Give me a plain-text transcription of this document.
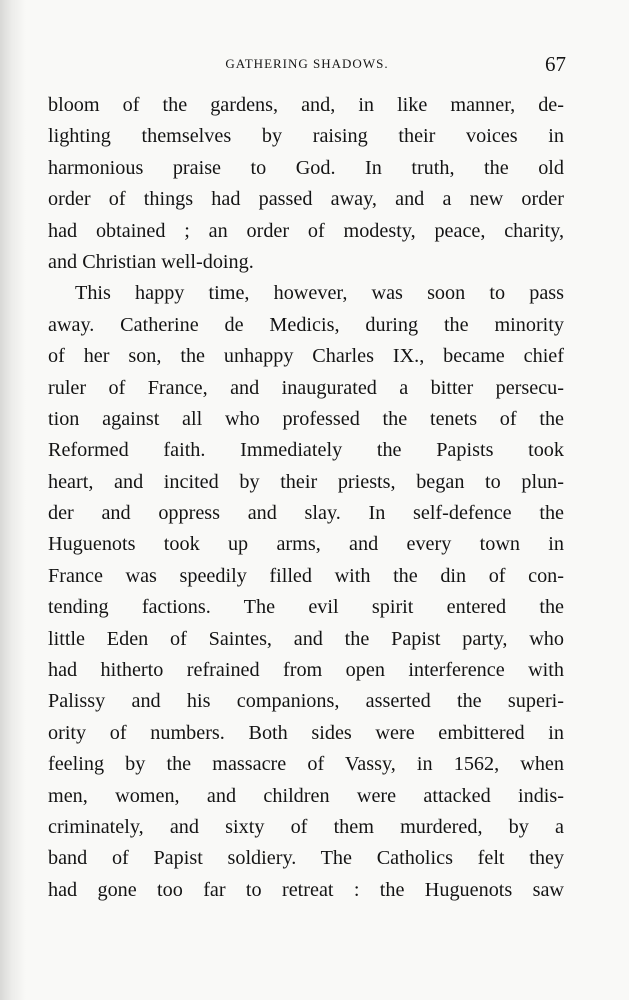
GATHERING SHADOWS.	67
bloom of the gardens, and, in like manner, de-
lighting themselves by raising their voices in
harmonious praise to God. In truth, the old
order of things had passed away, and a new order
had obtained ; an order of modesty, peace, charity,
and Christian well-doing.
This happy time, however, was soon to pass
away. Catherine de Medicis, during the minority
of her son, the unhappy Charles IX., became chief
ruler of France, and inaugurated a bitter persecu-
tion against all who professed the tenets of the
Reformed faith. Immediately the Papists took
heart, and incited by their priests, began to plun-
der and oppress and slay. In self-defence the
Huguenots took up arms, and every town in
France was speedily filled with the din of con-
tending factions. The evil spirit entered the
little Eden of Saintes, and the Papist party, who
had hitherto refrained from open interference with
Palissy and his companions, asserted the superi-
ority of numbers. Both sides were embittered in
feeling by the massacre of Vassy, in 1562, when
men, women, and children were attacked indis-
criminately, and sixty of them murdered, by a
band of Papist soldiery. The Catholics felt they
had gone too far to retreat : the Huguenots saw
